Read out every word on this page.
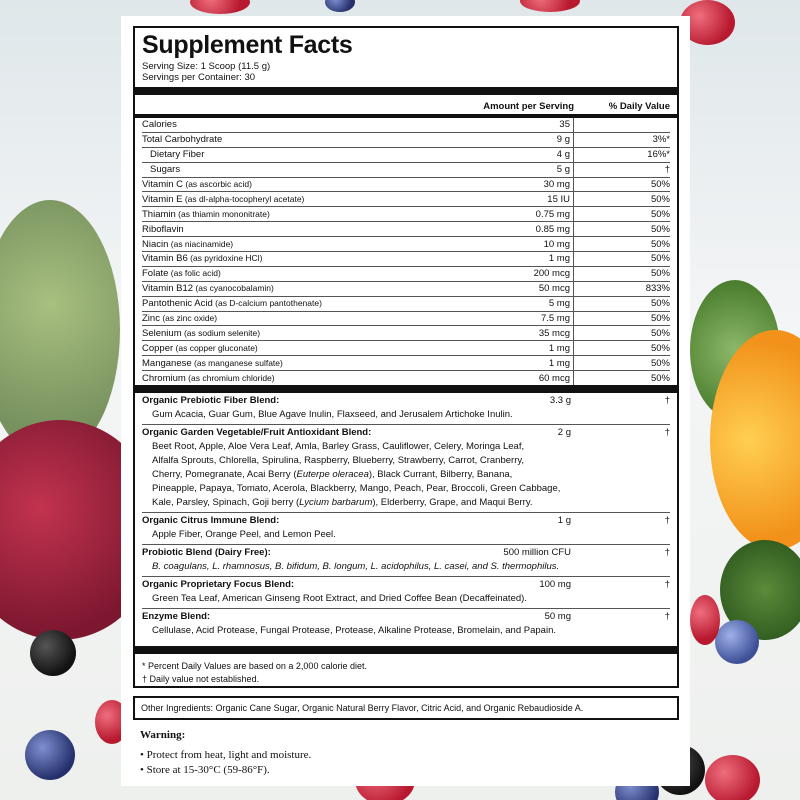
Supplement Facts
Serving Size: 1 Scoop (11.5 g)
Servings per Container: 30
Amount per Serving	% Daily Value
Calories	35
Total Carbohydrate	9 g	3%*
Dietary Fiber	4 g	16%*
Sugars	5 g	†
Vitamin C (as ascorbic acid)	30 mg	50%
Vitamin E (as dl-alpha-tocopheryl acetate)	15 IU	50%
Thiamin (as thiamin mononitrate)	0.75 mg	50%
Riboflavin	0.85 mg	50%
Niacin (as niacinamide)	10 mg	50%
Vitamin B6 (as pyridoxine HCl)	1 mg	50%
Folate (as folic acid)	200 mcg	50%
Vitamin B12 (as cyanocobalamin)	50 mcg	833%
Pantothenic Acid (as D-calcium pantothenate)	5 mg	50%
Zinc (as zinc oxide)	7.5 mg	50%
Selenium (as sodium selenite)	35 mcg	50%
Copper (as copper gluconate)	1 mg	50%
Manganese (as manganese sulfate)	1 mg	50%
Chromium (as chromium chloride)	60 mcg	50%
Organic Prebiotic Fiber Blend:	3.3 g	†
Gum Acacia, Guar Gum, Blue Agave Inulin, Flaxseed, and Jerusalem Artichoke Inulin.
Organic Garden Vegetable/Fruit Antioxidant Blend:	2 g	†
Beet Root, Apple, Aloe Vera Leaf, Amla, Barley Grass, Cauliflower, Celery, Moringa Leaf,
Alfalfa Sprouts, Chlorella, Spirulina, Raspberry, Blueberry, Strawberry, Carrot, Cranberry,
Cherry, Pomegranate, Acai Berry (Euterpe oleracea), Black Currant, Bilberry, Banana,
Pineapple, Papaya, Tomato, Acerola, Blackberry, Mango, Peach, Pear, Broccoli, Green Cabbage,
Kale, Parsley, Spinach, Goji berry (Lycium barbarum), Elderberry, Grape, and Maqui Berry.
Organic Citrus Immune Blend:	1 g	†
Apple Fiber, Orange Peel, and Lemon Peel.
Probiotic Blend (Dairy Free):	500 million CFU	†
B. coagulans, L. rhamnosus, B. bifidum, B. longum, L. acidophilus, L. casei, and S. thermophilus.
Organic Proprietary Focus Blend:	100 mg	†
Green Tea Leaf, American Ginseng Root Extract, and Dried Coffee Bean (Decaffeinated).
Enzyme Blend:	50 mg	†
Cellulase, Acid Protease, Fungal Protease, Protease, Alkaline Protease, Bromelain, and Papain.
* Percent Daily Values are based on a 2,000 calorie diet.
† Daily value not established.
Other Ingredients: Organic Cane Sugar, Organic Natural Berry Flavor, Citric Acid, and Organic Rebaudioside A.
Warning:
• Protect from heat, light and moisture.
• Store at 15-30°C (59-86°F).
